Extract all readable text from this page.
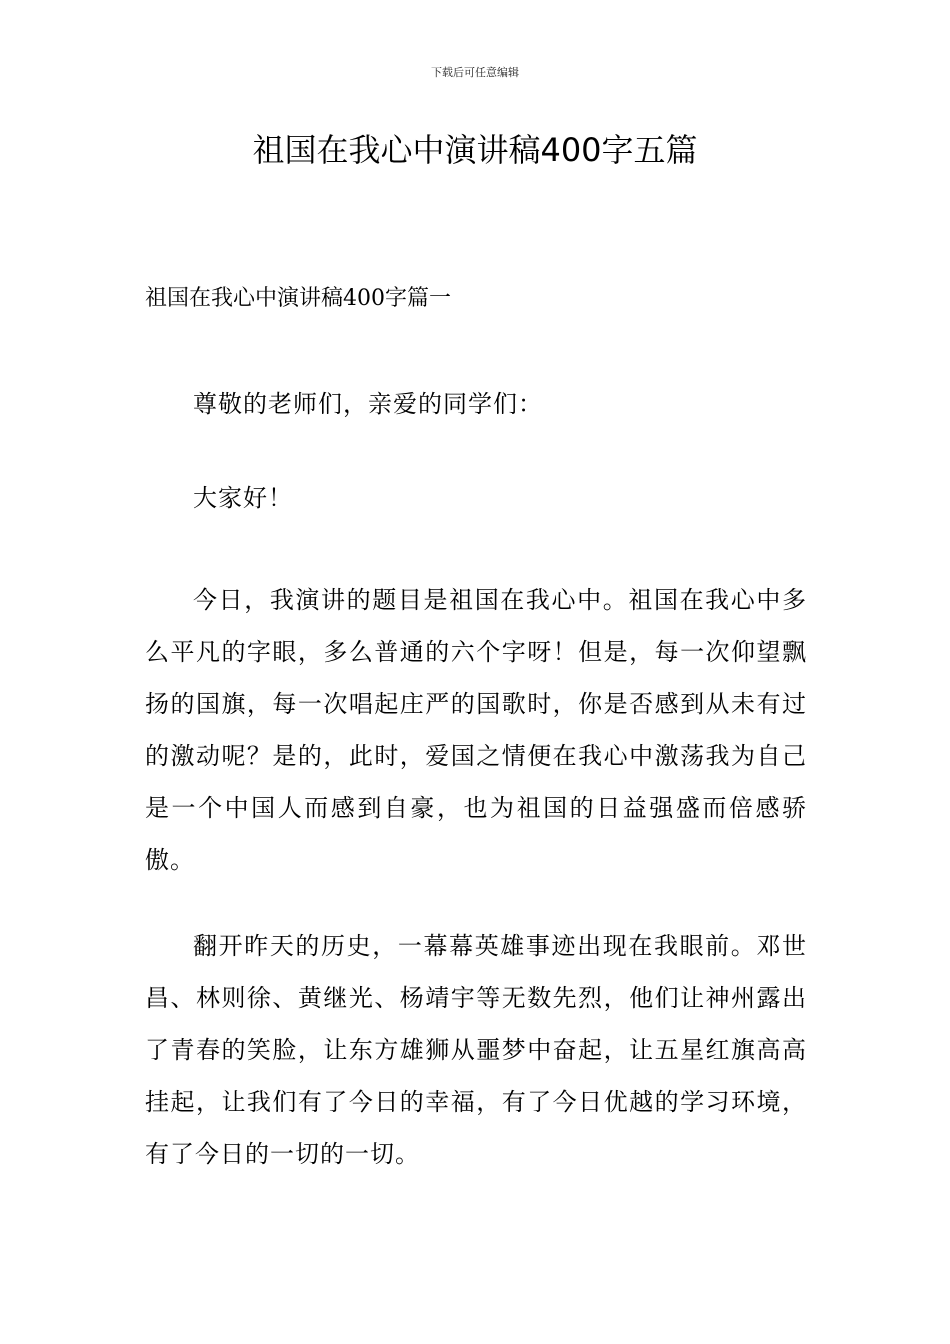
下载后可任意编辑
祖国在我心中演讲稿400字五篇
祖国在我心中演讲稿400字篇一

尊敬的老师们，亲爱的同学们：

大家好！

今日，我演讲的题目是祖国在我心中。祖国在我心中多么平凡的字眼，多么普通的六个字呀！但是，每一次仰望飘扬的国旗，每一次唱起庄严的国歌时，你是否感到从未有过的激动呢？是的，此时，爱国之情便在我心中激荡我为自己是一个中国人而感到自豪，也为祖国的日益强盛而倍感骄傲。

翻开昨天的历史，一幕幕英雄事迹出现在我眼前。邓世昌、林则徐、黄继光、杨靖宇等无数先烈，他们让神州露出了青春的笑脸，让东方雄狮从噩梦中奋起，让五星红旗高高挂起，让我们有了今日的幸福，有了今日优越的学习环境，有了今日的一切的一切。
